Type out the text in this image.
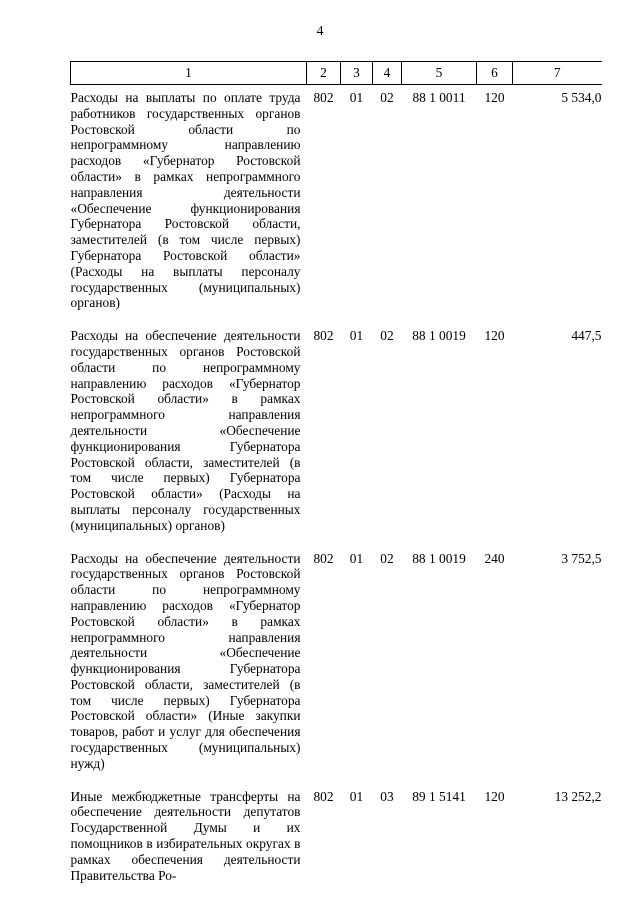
4
1	2	3	4	5	6	7
Расходы на выплаты по оплате труда работников государственных органов Ростовской области по непрограммному направлению расходов «Губернатор Ростовской области» в рамках непрограммного направления деятельности «Обеспечение функционирования Губернатора Ростовской области, заместителей (в том числе первых) Губернатора Ростовской области» (Расходы на выплаты персоналу государственных (муниципальных) органов)	802	01	02	88 1 0011	120	5 534,0
Расходы на обеспечение деятельности государственных органов Ростовской области по непрограммному направлению расходов «Губернатор Ростовской области» в рамках непрограммного направления деятельности «Обеспечение функционирования Губернатора Ростовской области, заместителей (в том числе первых) Губернатора Ростовской области» (Расходы на выплаты персоналу государственных (муниципальных) органов)	802	01	02	88 1 0019	120	447,5
Расходы на обеспечение деятельности государственных органов Ростовской области по непрограммному направлению расходов «Губернатор Ростовской области» в рамках непрограммного направления деятельности «Обеспечение функционирования Губернатора Ростовской области, заместителей (в том числе первых) Губернатора Ростовской области» (Иные закупки товаров, работ и услуг для обеспечения государственных (муниципальных) нужд)	802	01	02	88 1 0019	240	3 752,5
Иные межбюджетные трансферты на обеспечение деятельности депутатов Государственной Думы и их помощников в избирательных округах в рамках обеспечения деятельности Правительства Ро-	802	01	03	89 1 5141	120	13 252,2
